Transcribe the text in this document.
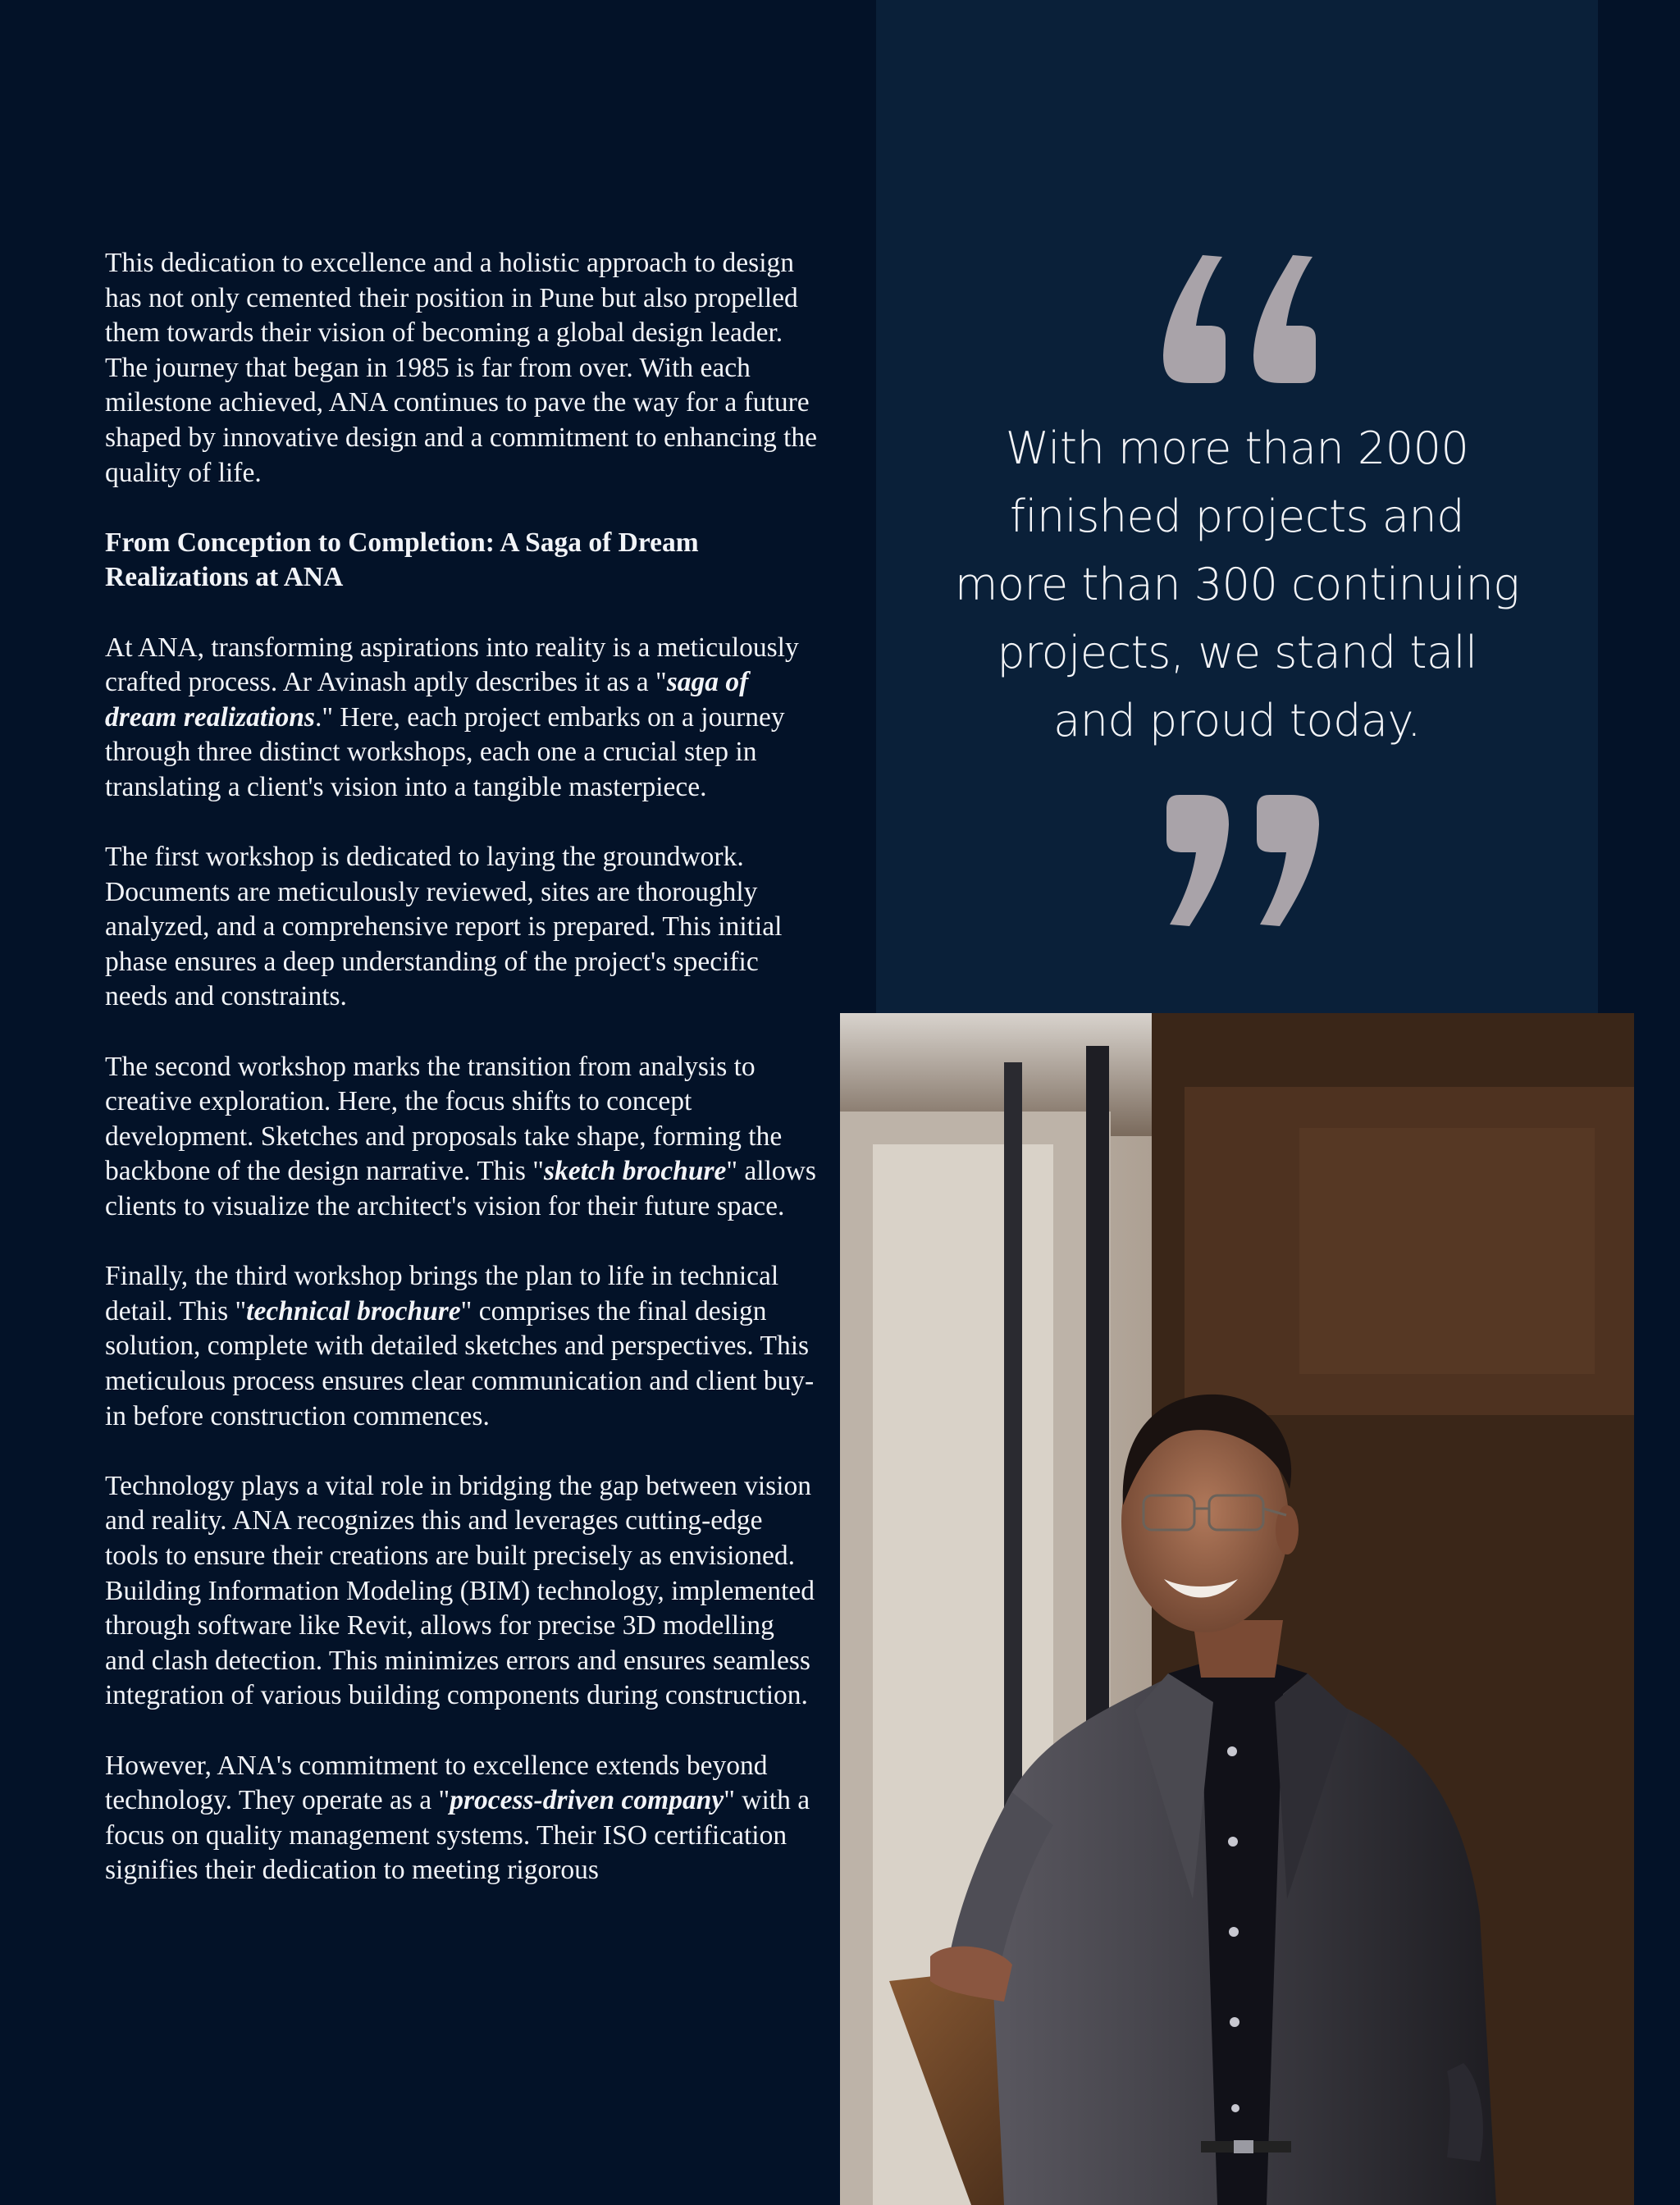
This dedication to excellence and a holistic approach to design has not only cemented their position in Pune but also propelled them towards their vision of becoming a global design leader. The journey that began in 1985 is far from over. With each milestone achieved, ANA continues to pave the way for a future shaped by innovative design and a commitment to enhancing the quality of life.

From Conception to Completion: A Saga of Dream Realizations at ANA

At ANA, transforming aspirations into reality is a meticulously crafted process. Ar Avinash aptly describes it as a "saga of dream realizations." Here, each project embarks on a journey through three distinct workshops, each one a crucial step in translating a client's vision into a tangible masterpiece.

The first workshop is dedicated to laying the groundwork. Documents are meticulously reviewed, sites are thoroughly analyzed, and a comprehensive report is prepared. This initial phase ensures a deep understanding of the project's specific needs and constraints.

The second workshop marks the transition from analysis to creative exploration. Here, the focus shifts to concept development. Sketches and proposals take shape, forming the backbone of the design narrative. This "sketch brochure" allows clients to visualize the architect's vision for their future space.

Finally, the third workshop brings the plan to life in technical detail. This "technical brochure" comprises the final design solution, complete with detailed sketches and perspectives. This meticulous process ensures clear communication and client buy-in before construction commences.

Technology plays a vital role in bridging the gap between vision and reality. ANA recognizes this and leverages cutting-edge tools to ensure their creations are built precisely as envisioned. Building Information Modeling (BIM) technology, implemented through software like Revit, allows for precise 3D modelling and clash detection. This minimizes errors and ensures seamless integration of various building components during construction.

However, ANA's commitment to excellence extends beyond technology. They operate as a "process-driven company" with a focus on quality management systems. Their ISO certification signifies their dedication to meeting rigorous

With more than 2000 finished projects and more than 300 continuing projects, we stand tall and proud today.
